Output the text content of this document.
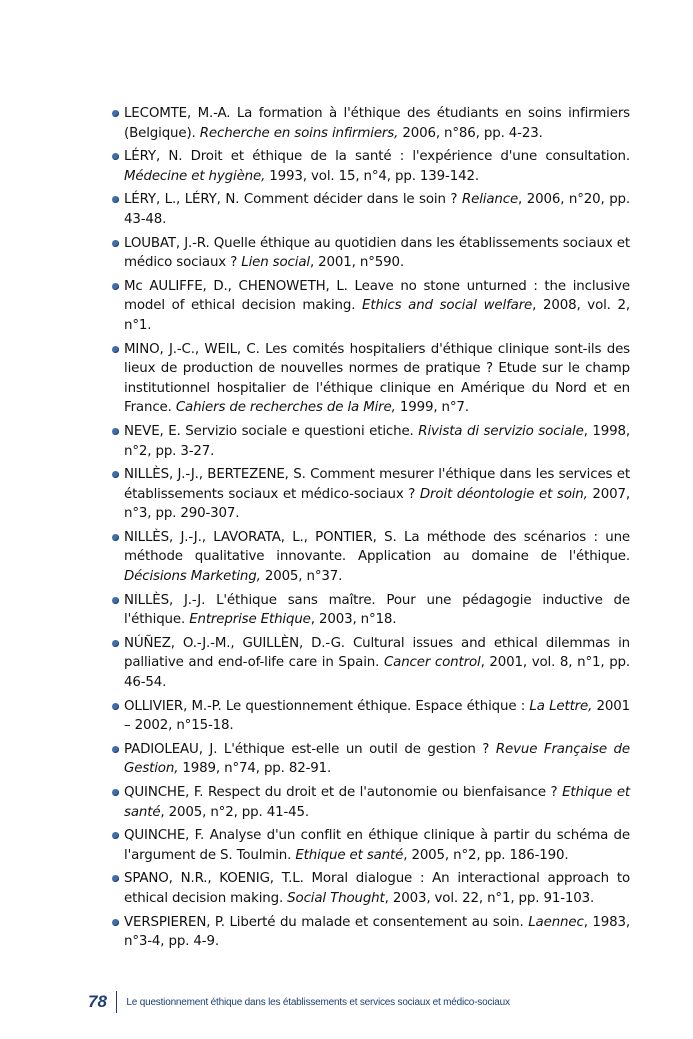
LECOMTE, M.-A. La formation à l'éthique des étudiants en soins infirmiers (Belgique). Recherche en soins infirmiers, 2006, n°86, pp. 4-23.
LÉRY, N. Droit et éthique de la santé : l'expérience d'une consultation. Médecine et hygiène, 1993, vol. 15, n°4, pp. 139-142.
LÉRY, L., LÉRY, N. Comment décider dans le soin ? Reliance, 2006, n°20, pp. 43-48.
LOUBAT, J.-R. Quelle éthique au quotidien dans les établissements sociaux et médico sociaux ? Lien social, 2001, n°590.
Mc AULIFFE, D., CHENOWETH, L. Leave no stone unturned : the inclusive model of ethical decision making. Ethics and social welfare, 2008, vol. 2, n°1.
MINO, J.-C., WEIL, C. Les comités hospitaliers d'éthique clinique sont-ils des lieux de production de nouvelles normes de pratique ? Etude sur le champ institutionnel hospitalier de l'éthique clinique en Amérique du Nord et en France. Cahiers de recherches de la Mire, 1999, n°7.
NEVE, E. Servizio sociale e questioni etiche. Rivista di servizio sociale, 1998, n°2, pp. 3-27.
NILLÈS, J.-J., BERTEZENE, S. Comment mesurer l'éthique dans les services et établissements sociaux et médico-sociaux ? Droit déontologie et soin, 2007, n°3, pp. 290-307.
NILLÈS, J.-J., LAVORATA, L., PONTIER, S. La méthode des scénarios : une méthode qualitative innovante. Application au domaine de l'éthique. Décisions Marketing, 2005, n°37.
NILLÈS, J.-J. L'éthique sans maître. Pour une pédagogie inductive de l'éthique. Entreprise Ethique, 2003, n°18.
NÚÑEZ, O.-J.-M., GUILLÈN, D.-G. Cultural issues and ethical dilemmas in palliative and end-of-life care in Spain. Cancer control, 2001, vol. 8, n°1, pp. 46-54.
OLLIVIER, M.-P. Le questionnement éthique. Espace éthique : La Lettre, 2001 – 2002, n°15-18.
PADIOLEAU, J. L'éthique est-elle un outil de gestion ? Revue Française de Gestion, 1989, n°74, pp. 82-91.
QUINCHE, F. Respect du droit et de l'autonomie ou bienfaisance ? Ethique et santé, 2005, n°2, pp. 41-45.
QUINCHE, F. Analyse d'un conflit en éthique clinique à partir du schéma de l'argument de S. Toulmin. Ethique et santé, 2005, n°2, pp. 186-190.
SPANO, N.R., KOENIG, T.L. Moral dialogue : An interactional approach to ethical decision making. Social Thought, 2003, vol. 22, n°1, pp. 91-103.
VERSPIEREN, P. Liberté du malade et consentement au soin. Laennec, 1983, n°3-4, pp. 4-9.
78 Le questionnement éthique dans les établissements et services sociaux et médico-sociaux
